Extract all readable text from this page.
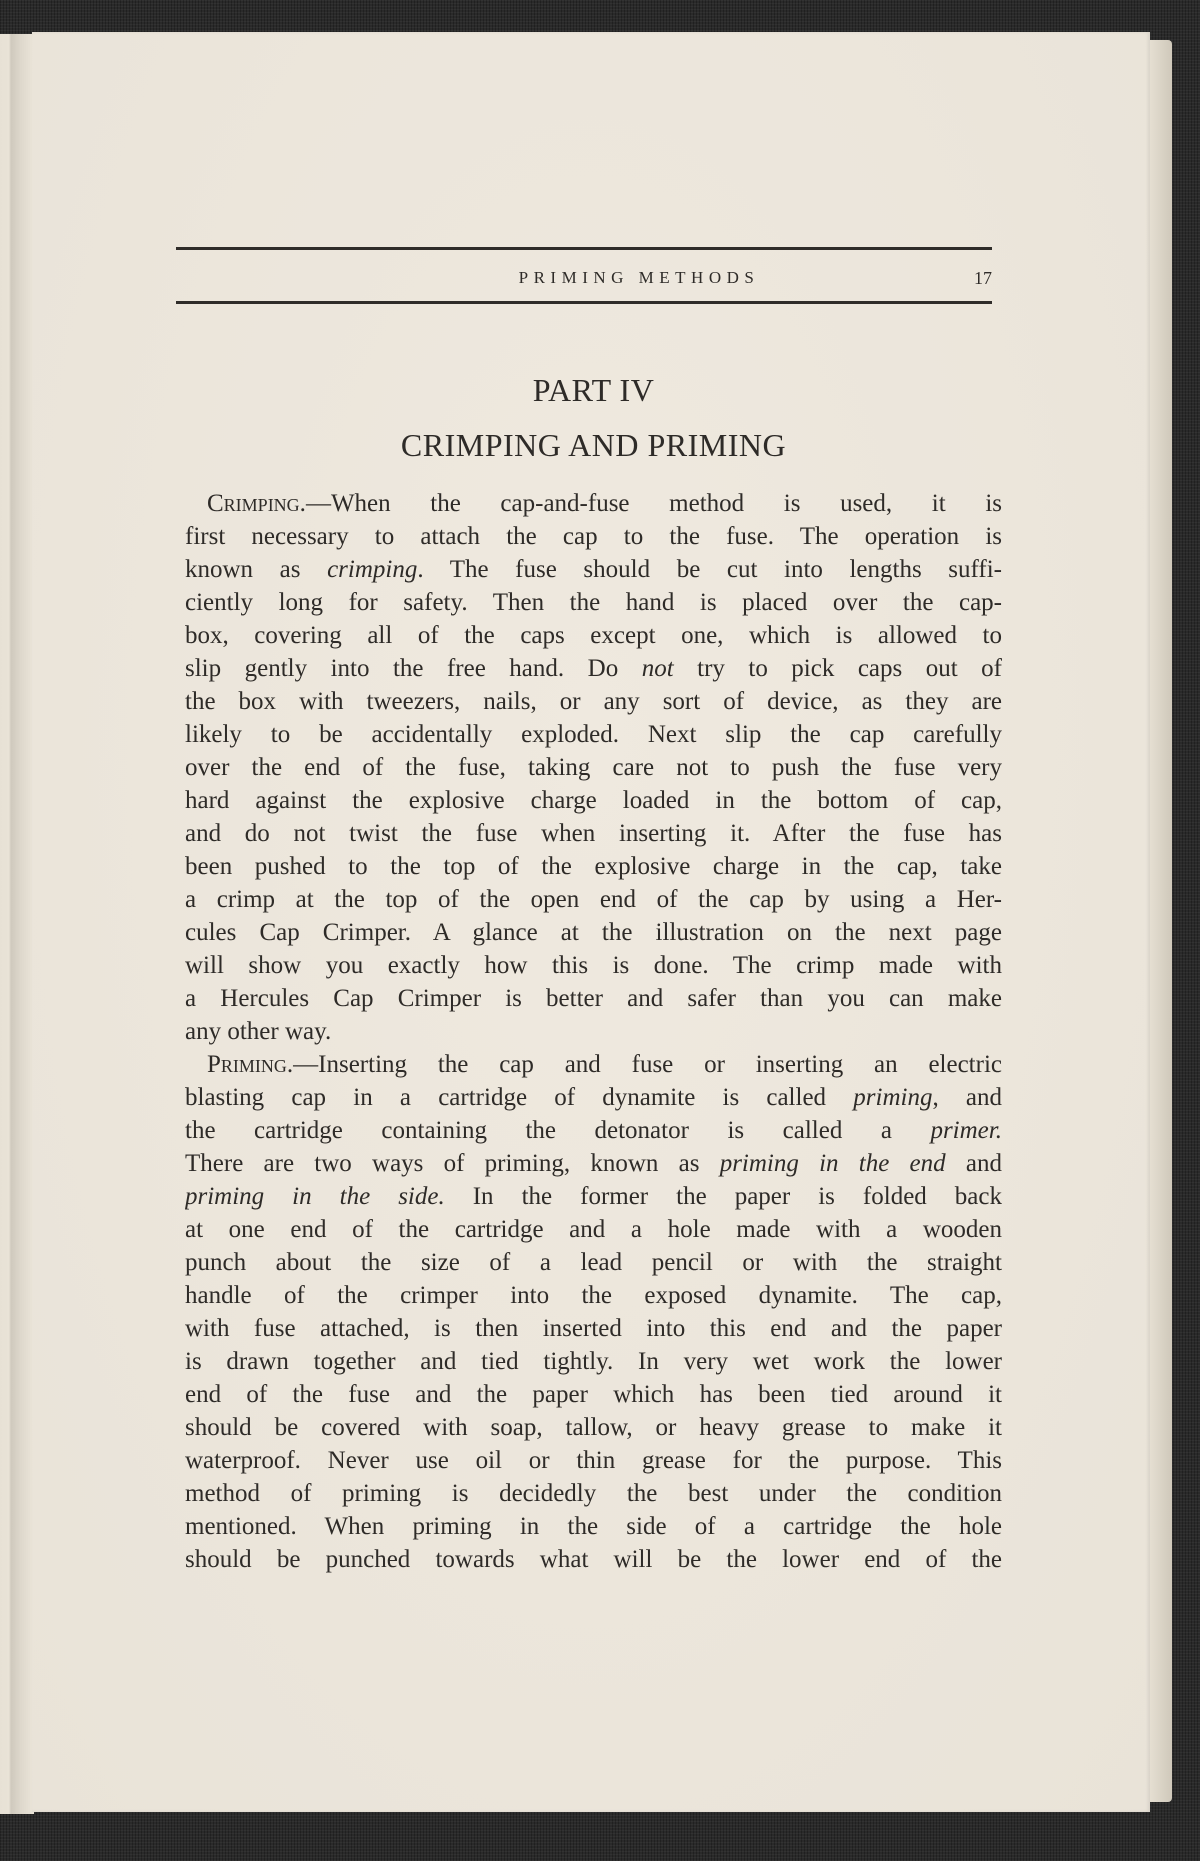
PRIMING METHODS	17
PART IV
CRIMPING AND PRIMING
Crimping.—When the cap-and-fuse method is used, it is
first necessary to attach the cap to the fuse. The operation is
known as crimping. The fuse should be cut into lengths suffi-
ciently long for safety. Then the hand is placed over the cap-
box, covering all of the caps except one, which is allowed to
slip gently into the free hand. Do not try to pick caps out of
the box with tweezers, nails, or any sort of device, as they are
likely to be accidentally exploded. Next slip the cap carefully
over the end of the fuse, taking care not to push the fuse very
hard against the explosive charge loaded in the bottom of cap,
and do not twist the fuse when inserting it. After the fuse has
been pushed to the top of the explosive charge in the cap, take
a crimp at the top of the open end of the cap by using a Her-
cules Cap Crimper. A glance at the illustration on the next page
will show you exactly how this is done. The crimp made with
a Hercules Cap Crimper is better and safer than you can make
any other way.
Priming.—Inserting the cap and fuse or inserting an electric
blasting cap in a cartridge of dynamite is called priming, and
the cartridge containing the detonator is called a primer.
There are two ways of priming, known as priming in the end and
priming in the side. In the former the paper is folded back
at one end of the cartridge and a hole made with a wooden
punch about the size of a lead pencil or with the straight
handle of the crimper into the exposed dynamite. The cap,
with fuse attached, is then inserted into this end and the paper
is drawn together and tied tightly. In very wet work the lower
end of the fuse and the paper which has been tied around it
should be covered with soap, tallow, or heavy grease to make it
waterproof. Never use oil or thin grease for the purpose. This
method of priming is decidedly the best under the condition
mentioned. When priming in the side of a cartridge the hole
should be punched towards what will be the lower end of the
